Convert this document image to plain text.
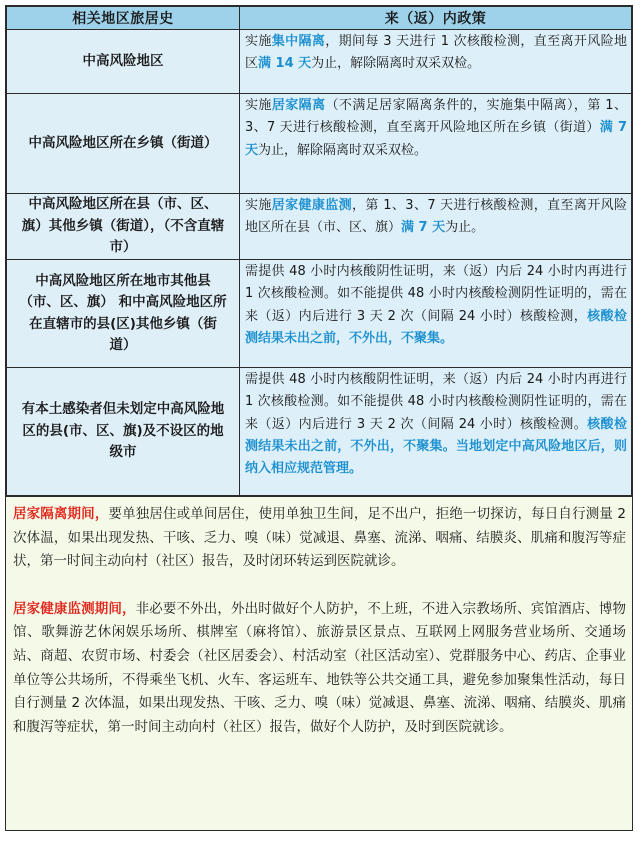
相关地区旅居史	来（返）内政策

中高风险地区	实施集中隔离，期间每 3 天进行 1 次核酸检测，直至离开风险地区满 14 天为止，解除隔离时双采双检。

中高风险地区所在乡镇（街道）	实施居家隔离（不满足居家隔离条件的，实施集中隔离），第 1、3、7 天进行核酸检测，直至离开风险地区所在乡镇（街道）满 7 天为止，解除隔离时双采双检。

中高风险地区所在县（市、区、旗）其他乡镇（街道），（不含直辖市）	实施居家健康监测，第 1、3、7 天进行核酸检测，直至离开风险地区所在县（市、区、旗）满 7 天为止。

中高风险地区所在地市其他县（市、区、旗） 和中高风险地区所在直辖市的县(区)其他乡镇（街道）	需提供 48 小时内核酸阴性证明，来（返）内后 24 小时内再进行 1 次核酸检测。如不能提供 48 小时内核酸检测阴性证明的，需在来（返）内后进行 3 天 2 次（间隔 24 小时）核酸检测，核酸检测结果未出之前，不外出，不聚集。

有本土感染者但未划定中高风险地区的县(市、区、旗)及不设区的地级市	需提供 48 小时内核酸阴性证明，来（返）内后 24 小时内再进行 1 次核酸检测。如不能提供 48 小时内核酸检测阴性证明的，需在来（返）内后进行 3 天 2 次（间隔 24 小时）核酸检测。核酸检测结果未出之前，不外出，不聚集。当地划定中高风险地区后，则纳入相应规范管理。

居家隔离期间，要单独居住或单间居住，使用单独卫生间，足不出户，拒绝一切探访，每日自行测量 2 次体温，如果出现发热、干咳、乏力、嗅（味）觉减退、鼻塞、流涕、咽痛、结膜炎、肌痛和腹泻等症状，第一时间主动向村（社区）报告，及时闭环转运到医院就诊。

居家健康监测期间，非必要不外出，外出时做好个人防护，不上班，不进入宗教场所、宾馆酒店、博物馆、歌舞游艺休闲娱乐场所、棋牌室（麻将馆）、旅游景区景点、互联网上网服务营业场所、交通场站、商超、农贸市场、村委会（社区居委会）、村活动室（社区活动室）、党群服务中心、药店、企事业单位等公共场所，不得乘坐飞机、火车、客运班车、地铁等公共交通工具，避免参加聚集性活动，每日自行测量 2 次体温，如果出现发热、干咳、乏力、嗅（味）觉减退、鼻塞、流涕、咽痛、结膜炎、肌痛和腹泻等症状，第一时间主动向村（社区）报告，做好个人防护，及时到医院就诊。
